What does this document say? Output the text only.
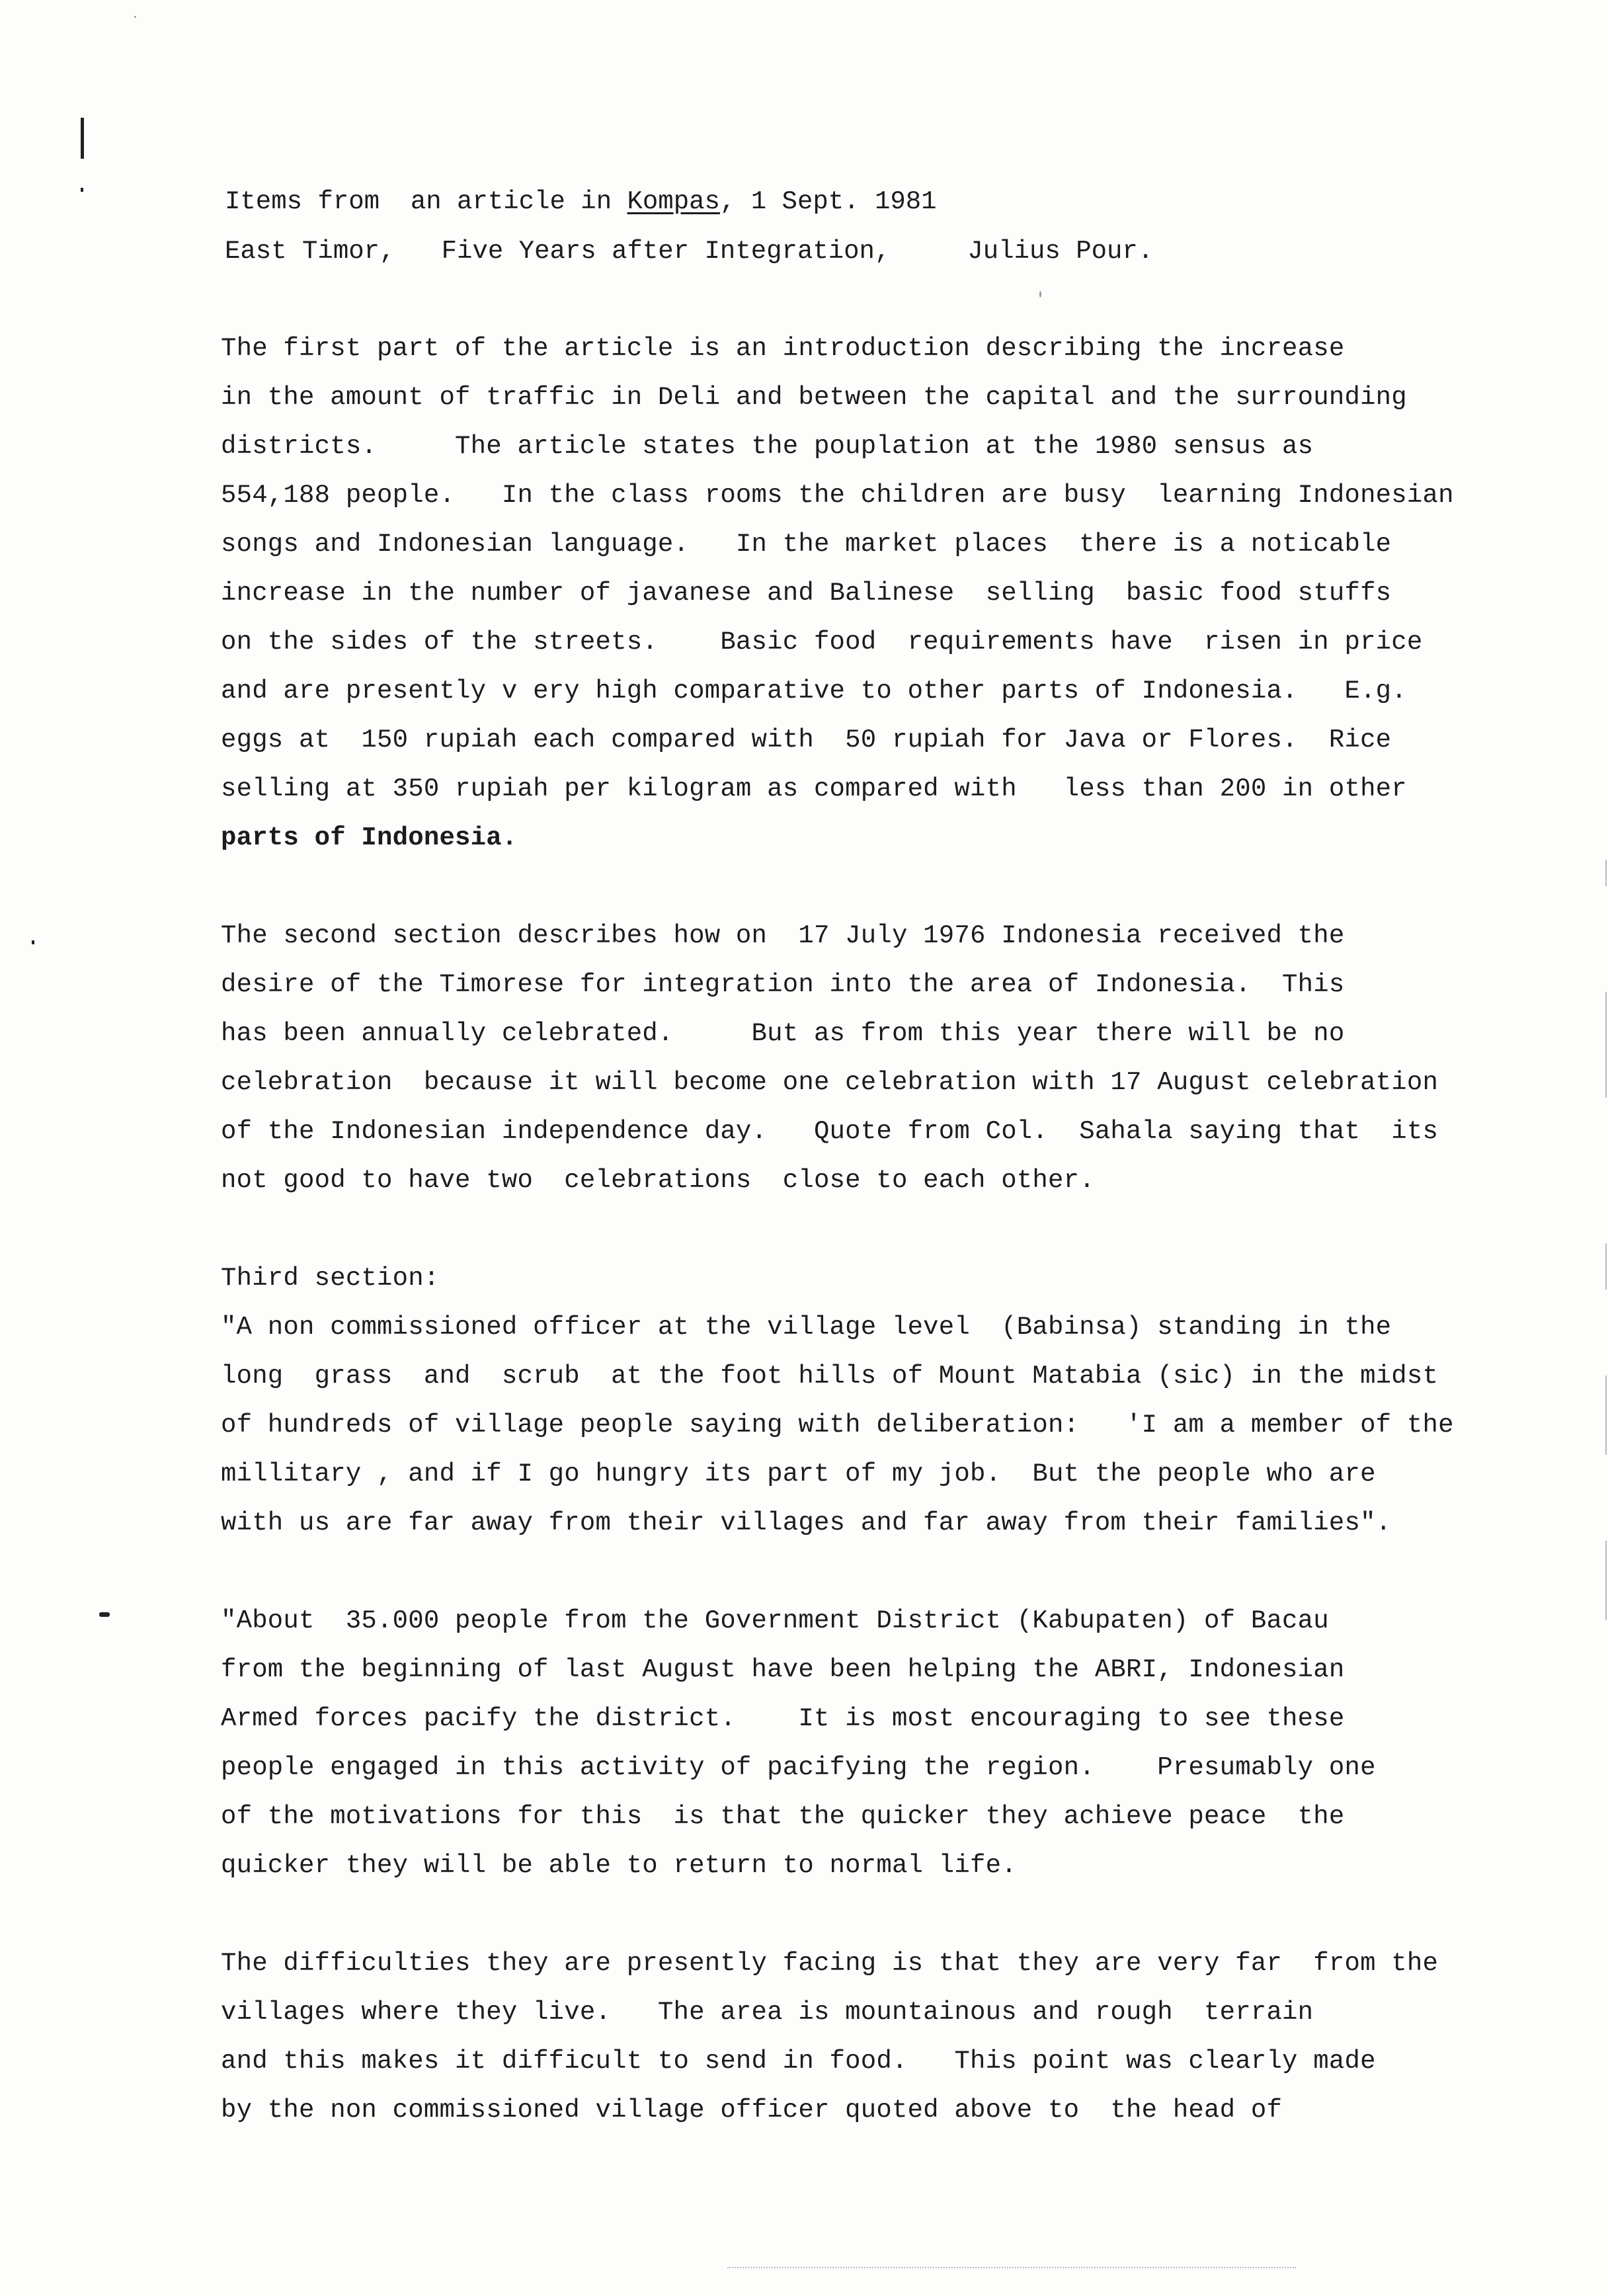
Items from  an article in Kompas, 1 Sept. 1981
East Timor,   Five Years after Integration,     Julius Pour.
The first part of the article is an introduction describing the increase
in the amount of traffic in Deli and between the capital and the surrounding
districts.     The article states the pouplation at the 1980 sensus as
554,188 people.   In the class rooms the children are busy  learning Indonesian
songs and Indonesian language.   In the market places  there is a noticable
increase in the number of javanese and Balinese  selling  basic food stuffs
on the sides of the streets.    Basic food  requirements have  risen in price
and are presently v ery high comparative to other parts of Indonesia.   E.g.
eggs at  150 rupiah each compared with  50 rupiah for Java or Flores.  Rice
selling at 350 rupiah per kilogram as compared with   less than 200 in other
parts of Indonesia.
The second section describes how on  17 July 1976 Indonesia received the
desire of the Timorese for integration into the area of Indonesia.  This
has been annually celebrated.     But as from this year there will be no
celebration  because it will become one celebration with 17 August celebration
of the Indonesian independence day.   Quote from Col.  Sahala saying that  its
not good to have two  celebrations  close to each other.
Third section:
"A non commissioned officer at the village level  (Babinsa) standing in the
long  grass  and  scrub  at the foot hills of Mount Matabia (sic) in the midst
of hundreds of village people saying with deliberation:   'I am a member of the
millitary , and if I go hungry its part of my job.  But the people who are
with us are far away from their villages and far away from their families".
"About  35.000 people from the Government District (Kabupaten) of Bacau
from the beginning of last August have been helping the ABRI, Indonesian
Armed forces pacify the district.    It is most encouraging to see these
people engaged in this activity of pacifying the region.    Presumably one
of the motivations for this  is that the quicker they achieve peace  the
quicker they will be able to return to normal life.
The difficulties they are presently facing is that they are very far  from the
villages where they live.   The area is mountainous and rough  terrain
and this makes it difficult to send in food.   This point was clearly made
by the non commissioned village officer quoted above to  the head of
